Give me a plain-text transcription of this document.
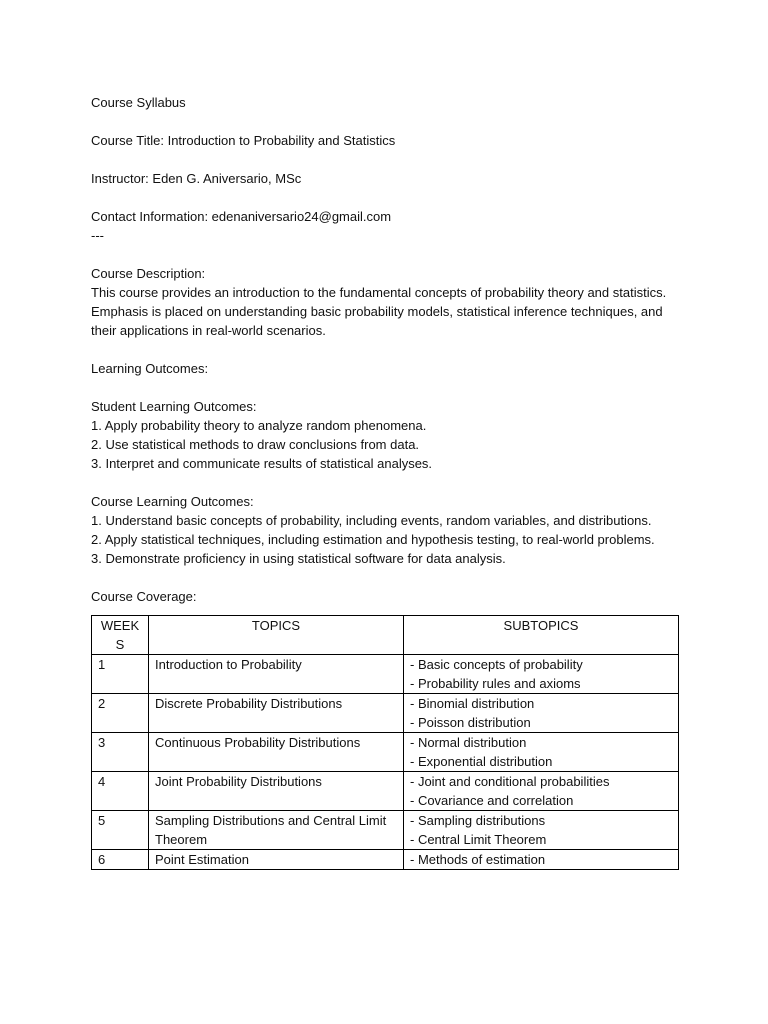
Course Syllabus
Course Title: Introduction to Probability and Statistics
Instructor: Eden G. Aniversario, MSc
Contact Information: edenaniversario24@gmail.com
---
Course Description:
This course provides an introduction to the fundamental concepts of probability theory and statistics. Emphasis is placed on understanding basic probability models, statistical inference techniques, and their applications in real-world scenarios.
Learning Outcomes:
Student Learning Outcomes:
1. Apply probability theory to analyze random phenomena.
2. Use statistical methods to draw conclusions from data.
3. Interpret and communicate results of statistical analyses.
Course Learning Outcomes:
1. Understand basic concepts of probability, including events, random variables, and distributions.
2. Apply statistical techniques, including estimation and hypothesis testing, to real-world problems.
3. Demonstrate proficiency in using statistical software for data analysis.
Course Coverage:
WEEKS	TOPICS	SUBTOPICS
1	Introduction to Probability	- Basic concepts of probability
- Probability rules and axioms

2	Discrete Probability Distributions	- Binomial distribution
- Poisson distribution

3	Continuous Probability Distributions	- Normal distribution
- Exponential distribution

4	Joint Probability Distributions	- Joint and conditional probabilities
- Covariance and correlation

5	Sampling Distributions and Central Limit Theorem	- Sampling distributions
- Central Limit Theorem

6	Point Estimation	- Methods of estimation
